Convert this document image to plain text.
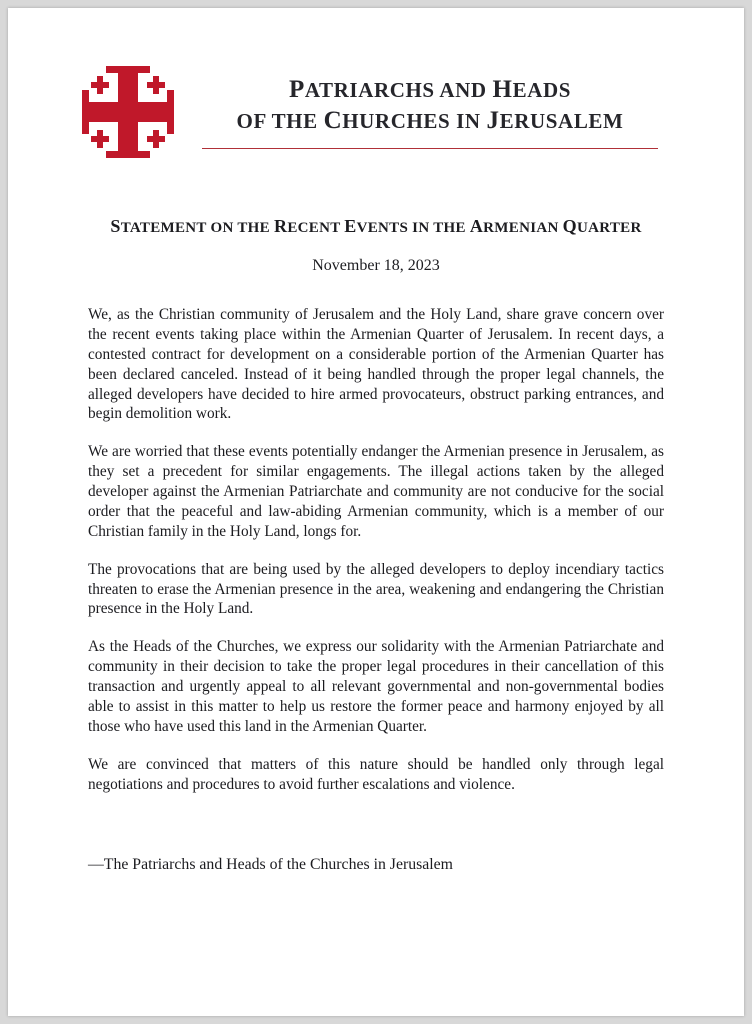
PATRIARCHS AND HEADS
OF THE CHURCHES IN JERUSALEM
STATEMENT ON THE RECENT EVENTS IN THE ARMENIAN QUARTER
November 18, 2023

We, as the Christian community of Jerusalem and the Holy Land, share grave concern over the recent events taking place within the Armenian Quarter of Jerusalem. In recent days, a contested contract for development on a considerable portion of the Armenian Quarter has been declared canceled. Instead of it being handled through the proper legal channels, the alleged developers have decided to hire armed provocateurs, obstruct parking entrances, and begin demolition work.

We are worried that these events potentially endanger the Armenian presence in Jerusalem, as they set a precedent for similar engagements. The illegal actions taken by the alleged developer against the Armenian Patriarchate and community are not conducive for the social order that the peaceful and law-abiding Armenian community, which is a member of our Christian family in the Holy Land, longs for.

The provocations that are being used by the alleged developers to deploy incendiary tactics threaten to erase the Armenian presence in the area, weakening and endangering the Christian presence in the Holy Land.

As the Heads of the Churches, we express our solidarity with the Armenian Patriarchate and community in their decision to take the proper legal procedures in their cancellation of this transaction and urgently appeal to all relevant governmental and non-governmental bodies able to assist in this matter to help us restore the former peace and harmony enjoyed by all those who have used this land in the Armenian Quarter.

We are convinced that matters of this nature should be handled only through legal negotiations and procedures to avoid further escalations and violence.

—The Patriarchs and Heads of the Churches in Jerusalem
